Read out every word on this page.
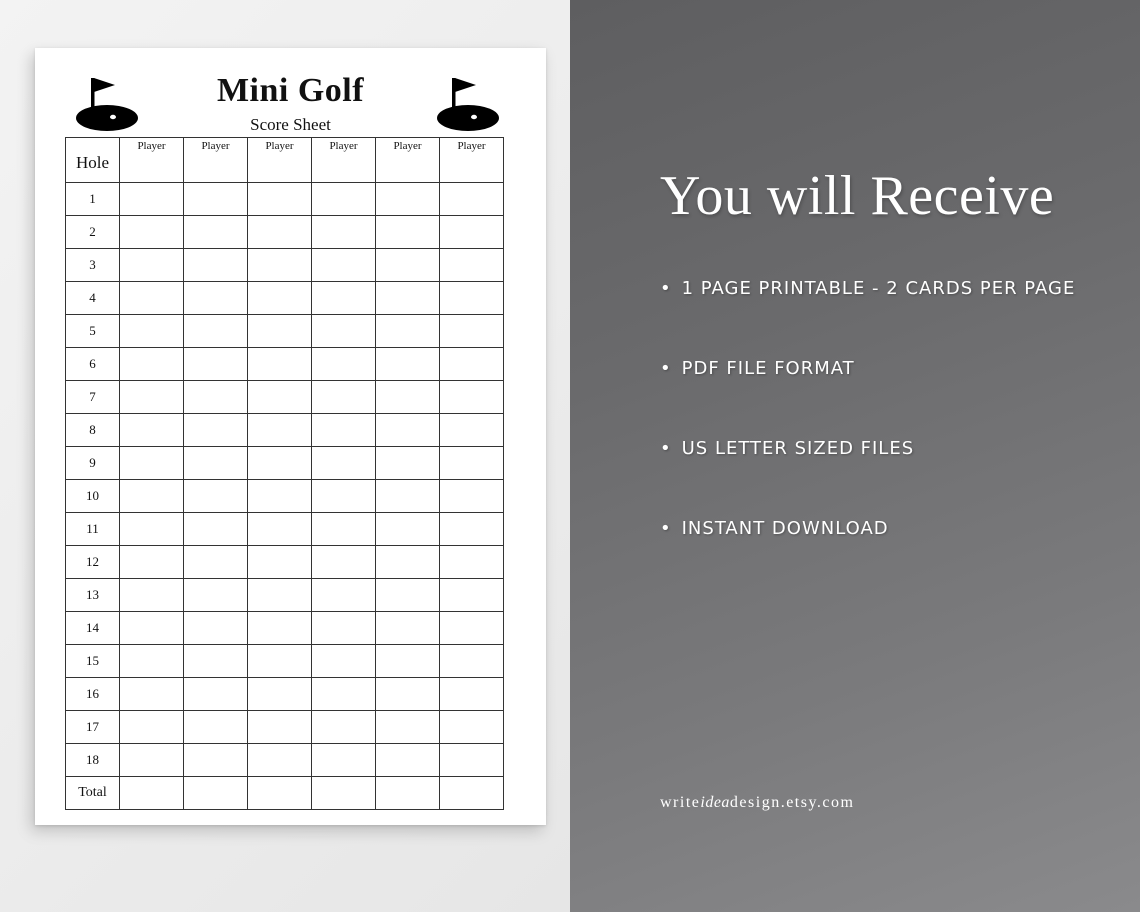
Mini Golf
Score Sheet
Hole	Player	Player	Player	Player	Player	Player
1						
2						
3						
4						
5						
6						
7						
8						
9						
10						
11						
12						
13						
14						
15						
16						
17						
18						
Total						
You will Receive
• 1 PAGE PRINTABLE - 2 CARDS PER PAGE
• PDF FILE FORMAT
• US LETTER SIZED FILES
• INSTANT DOWNLOAD
writeideadesign.etsy.com
